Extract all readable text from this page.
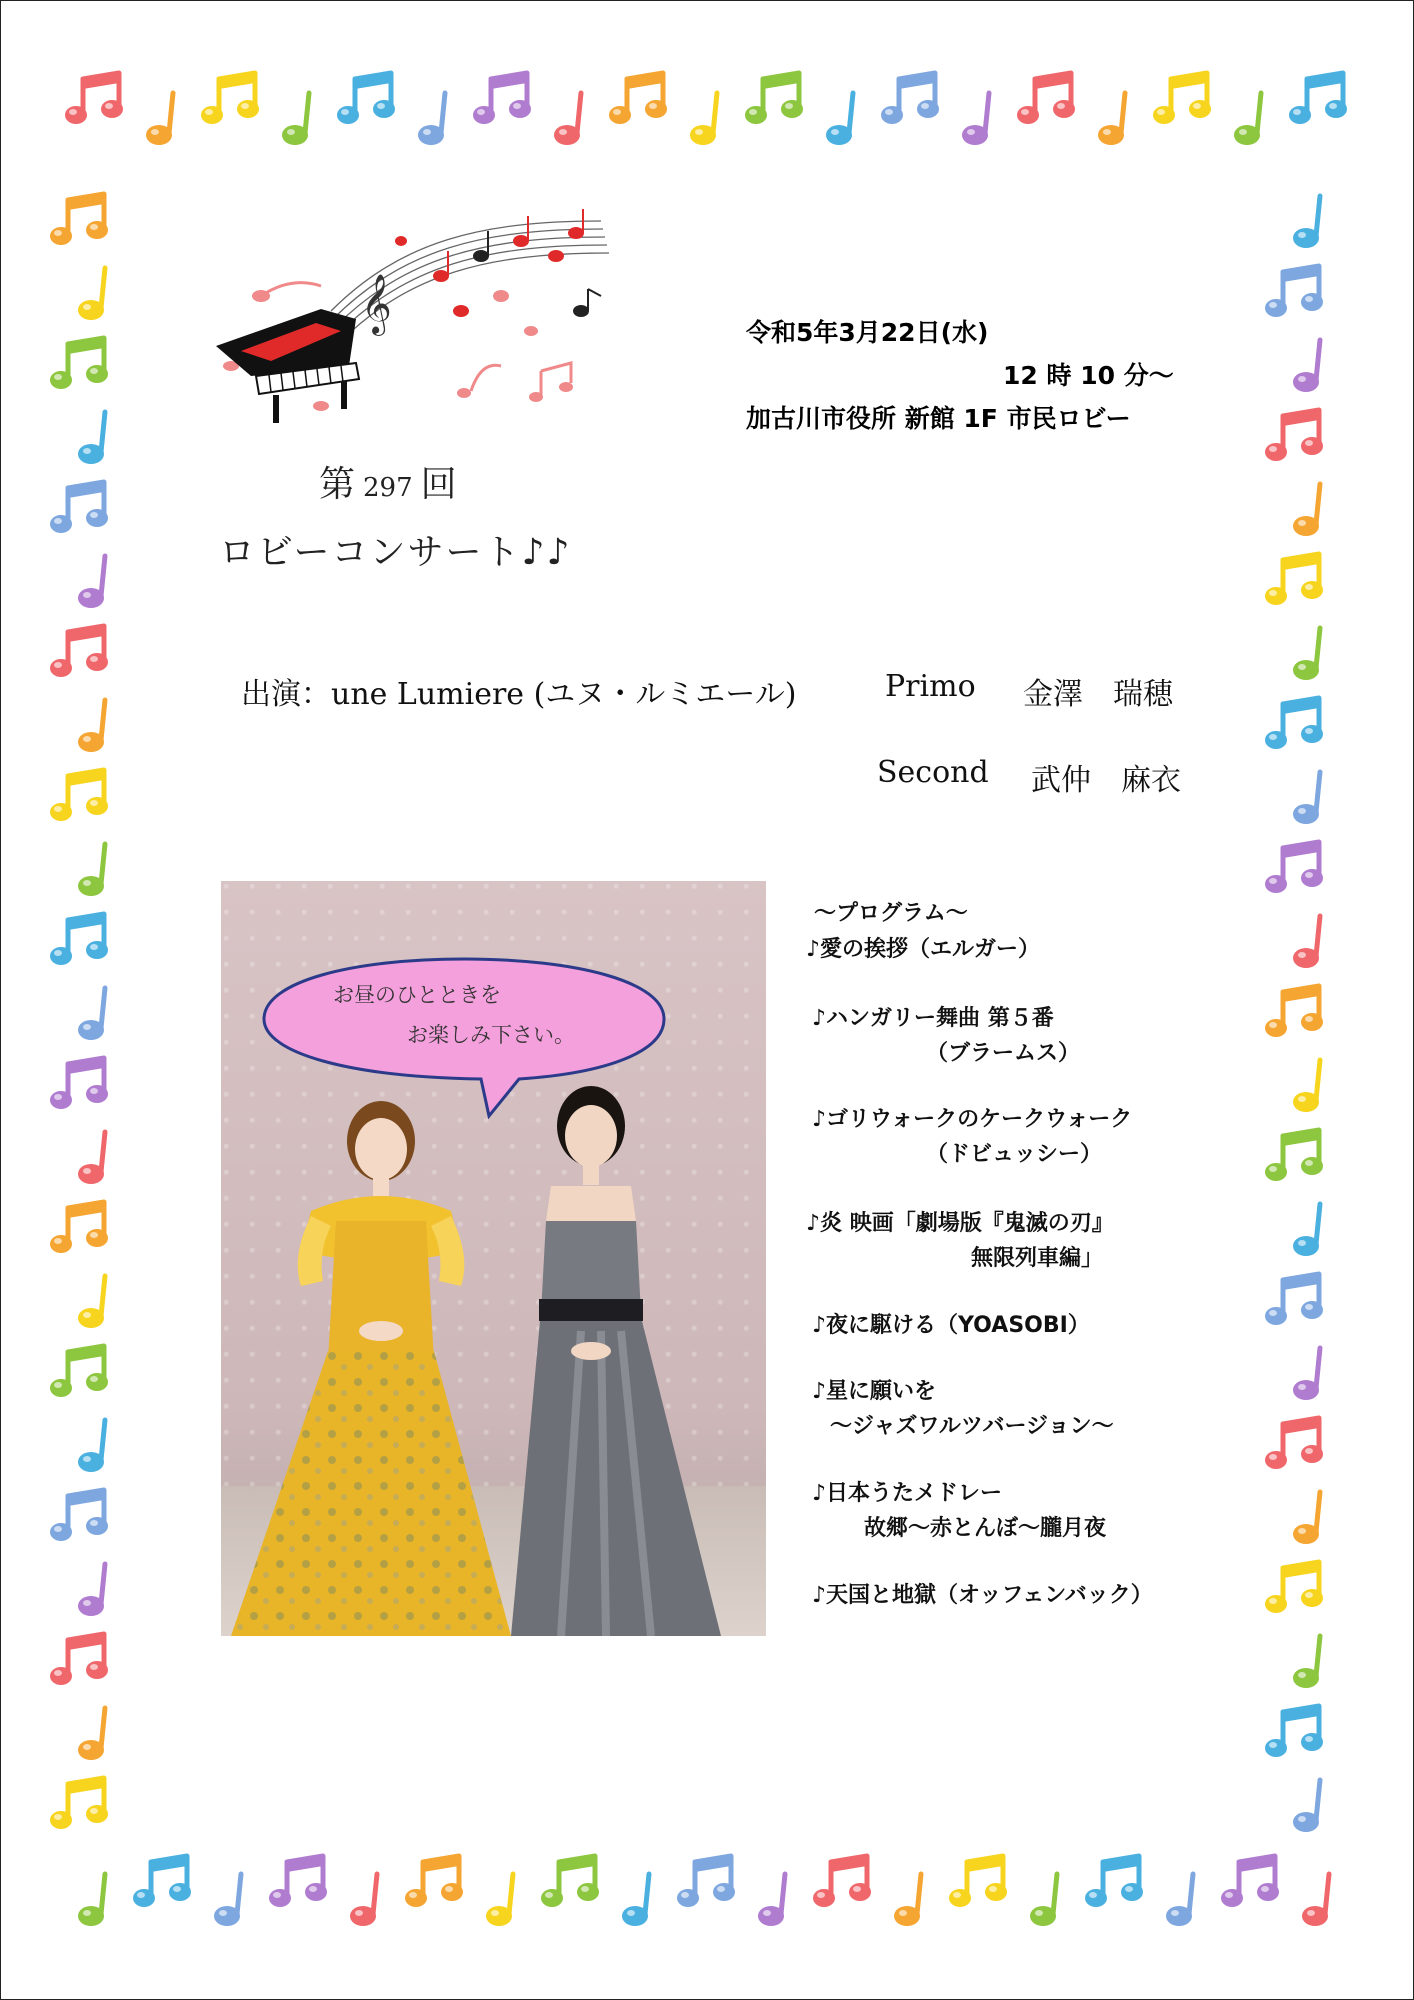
𝄞
第 297 回
ロビーコンサート♪♪
令和5年3月22日(水)
12 時 10 分～
加古川市役所 新館 1F 市民ロビー
出演：une Lumiere (ユヌ・ルミエール)	Primo 金澤　瑞穂
Second 武仲　麻衣
お昼のひとときを
お楽しみ下さい。
～プログラム～
♪愛の挨拶（エルガー）
♪ハンガリー舞曲 第５番
（ブラームス）
♪ゴリウォークのケークウォーク
（ドビュッシー）
♪炎 映画「劇場版『鬼滅の刃』
無限列車編」
♪夜に駆ける（YOASOBI）
♪星に願いを
～ジャズワルツバージョン～
♪日本うたメドレー
故郷～赤とんぼ～朧月夜
♪天国と地獄（オッフェンバック）
